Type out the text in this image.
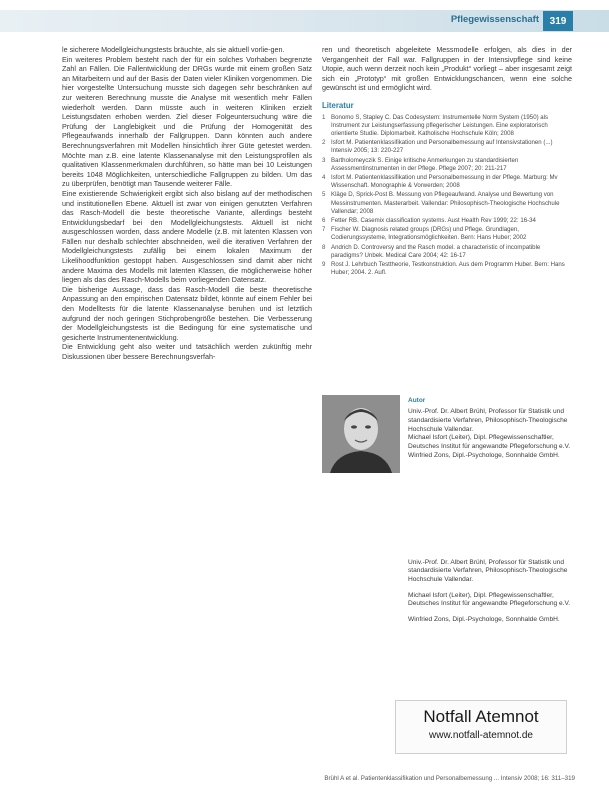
Pflegewissenschaft	319

le sicherere Modellgleichungstests bräuchte, als sie aktuell vorlie-gen.

Ein weiteres Problem besteht nach der für ein solches Vorhaben begrenzte Zahl an Fällen. Die Fallentwicklung der DRGs wurde mit einem großen Satz an Mitarbeitern und auf der Basis der Daten vieler Kliniken vorgenommen. Die hier vorgestellte Untersuchung musste sich dagegen sehr beschränken auf zur weiteren Berechnung musste die Analyse mit wesentlich mehr Fällen wiederholt werden. Dann müsste auch in weiteren Kliniken erzielt Leistungsdaten erhoben werden. Ziel dieser Folgeuntersuchung wäre die Prüfung der Langlebigkeit und die Prüfung der Homogenität des Pflegeaufwands innerhalb der Fallgruppen. Dann könnten auch andere Berechnungsverfahren mit Modellen hinsichtlich ihrer Güte getestet werden. Möchte man z.B. eine latente Klassenanalyse mit den Leistungsprofilen als qualitativen Klassenmerkmalen durchführen, so hätte man bei 10 Leistungen bereits 1048 Möglichkeiten, unterschiedliche Fallgruppen zu bilden. Um das zu überprüfen, benötigt man Tausende weiterer Fälle.

Eine existierende Schwierigkeit ergibt sich also bislang auf der methodischen und institutionellen Ebene. Aktuell ist zwar von einigen genutzten Verfahren das Rasch-Modell die beste theoretische Variante, allerdings besteht Entwicklungsbedarf bei den Modellgleichungstests. Aktuell ist nicht ausgeschlossen worden, dass andere Modelle (z.B. mit latenten Klassen von Fällen nur deshalb schlechter abschneiden, weil die iterativen Verfahren der Modellgleichungstests zufällig bei einem lokalen Maximum der Likelihoodfunktion gestoppt haben. Ausgeschlossen sind damit aber nicht andere Maxima des Modells mit latenten Klassen, die möglicherweise höher liegen als das des Rasch-Modells beim vorliegenden Datensatz.

Die bisherige Aussage, dass das Rasch-Modell die beste theoretische Anpassung an den empirischen Datensatz bildet, könnte auf einem Fehler bei den Modelltests für die latente Klassenanalyse beruhen und ist letztlich aufgrund der noch geringen Stichprobengröße bestehen. Die Verbesserung der Modellgleichungstests ist die Bedingung für eine systematische und gesicherte Instrumentenentwicklung.

Die Entwicklung geht also weiter und tatsächlich werden zukünftig mehr Diskussionen über bessere Berechnungsverfah-

ren und theoretisch abgeleitete Messmodelle erfolgen, als dies in der Vergangenheit der Fall war. Fallgruppen in der Intensivpflege sind keine Utopie, auch wenn derzeit noch kein „Produkt“ vorliegt – aber insgesamt zeigt sich ein „Prototyp“ mit großen Entwicklungschancen, wenn eine solche gewünscht ist und ermöglicht wird.

Literatur
1 Bonomo S, Stapley C. Das Codesystem: Instrumentelle Norm System (1950) als Instrument zur Leistungserfassung pflegerischer Leistungen. Eine exploratorisch orientierte Studie. Diplomarbeit. Katholische Hochschule Köln; 2008
2 Isfort M. Patientenklassifikation und Personalbemessung auf Intensivstationen (...) Intensiv 2005; 13: 220-227
3 Bartholomeyczik S. Einige kritische Anmerkungen zu standardisierten Assessmentinstrumenten in der Pflege. Pflege 2007; 20: 211-217
4 Isfort M. Patientenklassifikation und Personalbemessung in der Pflege. Marburg: Mv Wissenschaft. Monographie & Vorwerden; 2008
5 Kläge D, Sprick-Post B. Messung von Pflegeaufwand. Analyse und Bewertung von Messinstrumenten. Masterarbeit. Vallendar: Philosophisch-Theologische Hochschule Vallendar; 2008
6 Fetter RB. Casemix classification systems. Aust Health Rev 1999; 22: 16-34
7 Fischer W. Diagnosis related groups (DRGs) und Pflege. Grundlagen, Codierungssysteme, Integrationsmöglichkeiten. Bern: Hans Huber; 2002
8 Andrich D. Controversy and the Rasch model. a characteristic of incompatible paradigms? Unbek. Medical Care 2004; 42: 16-17
9 Rost J. Lehrbuch Testtheorie, Testkonstruktion. Aus dem Programm Huber. Bern: Hans Huber; 2004. 2. Aufl.
Autor

Univ.-Prof. Dr. Albert Brühl, Professor für Statistik und standardisierte Verfahren, Philosophisch-Theologische Hochschule Vallendar.

Michael Isfort (Leiter), Dipl. Pflegewissenschaftler, Deutsches Institut für angewandte Pflegeforschung e.V.

Winfried Zons, Dipl.-Psychologe, Sonnhalde GmbH.

Univ.-Prof. Dr. Albert Brühl, Professor für Statistik und standardisierte Verfahren, Philosophisch-Theologische Hochschule Vallendar.

Michael Isfort (Leiter), Dipl. Pflegewissenschaftler, Deutsches Institut für angewandte Pflegeforschung e.V.

Winfried Zons, Dipl.-Psychologe, Sonnhalde GmbH.

Notfall Atemnot
www.notfall-atemnot.de
Brühl A et al. Patientenklassifikation und Personalbemessung ... Intensiv 2008; 16: 311–319
